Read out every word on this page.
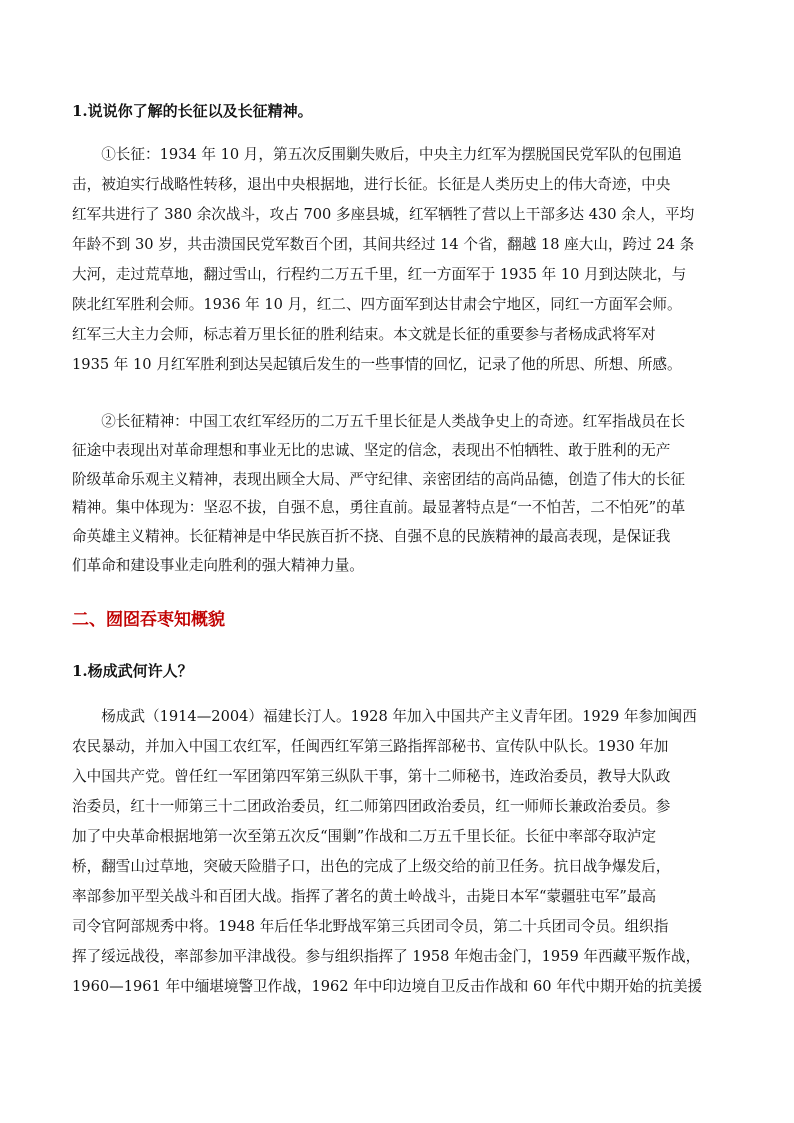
1.说说你了解的长征以及长征精神。
　　①长征：1934 年 10 月，第五次反围剿失败后，中央主力红军为摆脱国民党军队的包围追
击，被迫实行战略性转移，退出中央根据地，进行长征。长征是人类历史上的伟大奇迹，中央
红军共进行了 380 余次战斗，攻占 700 多座县城，红军牺牲了营以上干部多达 430 余人，平均
年龄不到 30 岁，共击溃国民党军数百个团，其间共经过 14 个省，翻越 18 座大山，跨过 24 条
大河，走过荒草地，翻过雪山，行程约二万五千里，红一方面军于 1935 年 10 月到达陕北，与
陕北红军胜利会师。1936 年 10 月，红二、四方面军到达甘肃会宁地区，同红一方面军会师。
红军三大主力会师，标志着万里长征的胜利结束。本文就是长征的重要参与者杨成武将军对
1935 年 10 月红军胜利到达吴起镇后发生的一些事情的回忆，记录了他的所思、所想、所感。
　　②长征精神：中国工农红军经历的二万五千里长征是人类战争史上的奇迹。红军指战员在长
征途中表现出对革命理想和事业无比的忠诚、坚定的信念，表现出不怕牺牲、敢于胜利的无产
阶级革命乐观主义精神，表现出顾全大局、严守纪律、亲密团结的高尚品德，创造了伟大的长征
精神。集中体现为：坚忍不拔，自强不息，勇往直前。最显著特点是“一不怕苦，二不怕死”的革
命英雄主义精神。长征精神是中华民族百折不挠、自强不息的民族精神的最高表现，是保证我
们革命和建设事业走向胜利的强大精神力量。
二、囫囵吞枣知概貌
1.杨成武何许人？
　　杨成武（1914—2004）福建长汀人。1928 年加入中国共产主义青年团。1929 年参加闽西
农民暴动，并加入中国工农红军，任闽西红军第三路指挥部秘书、宣传队中队长。1930 年加
入中国共产党。曾任红一军团第四军第三纵队干事，第十二师秘书，连政治委员，教导大队政
治委员，红十一师第三十二团政治委员，红二师第四团政治委员，红一师师长兼政治委员。参
加了中央革命根据地第一次至第五次反“围剿”作战和二万五千里长征。长征中率部夺取泸定
桥，翻雪山过草地，突破天险腊子口，出色的完成了上级交给的前卫任务。抗日战争爆发后，
率部参加平型关战斗和百团大战。指挥了著名的黄土岭战斗，击毙日本军“蒙疆驻屯军”最高
司令官阿部规秀中将。1948 年后任华北野战军第三兵团司令员，第二十兵团司令员。组织指
挥了绥远战役，率部参加平津战役。参与组织指挥了 1958 年炮击金门，1959 年西藏平叛作战，
1960—1961 年中缅堪境警卫作战，1962 年中印边境自卫反击作战和 60 年代中期开始的抗美援
